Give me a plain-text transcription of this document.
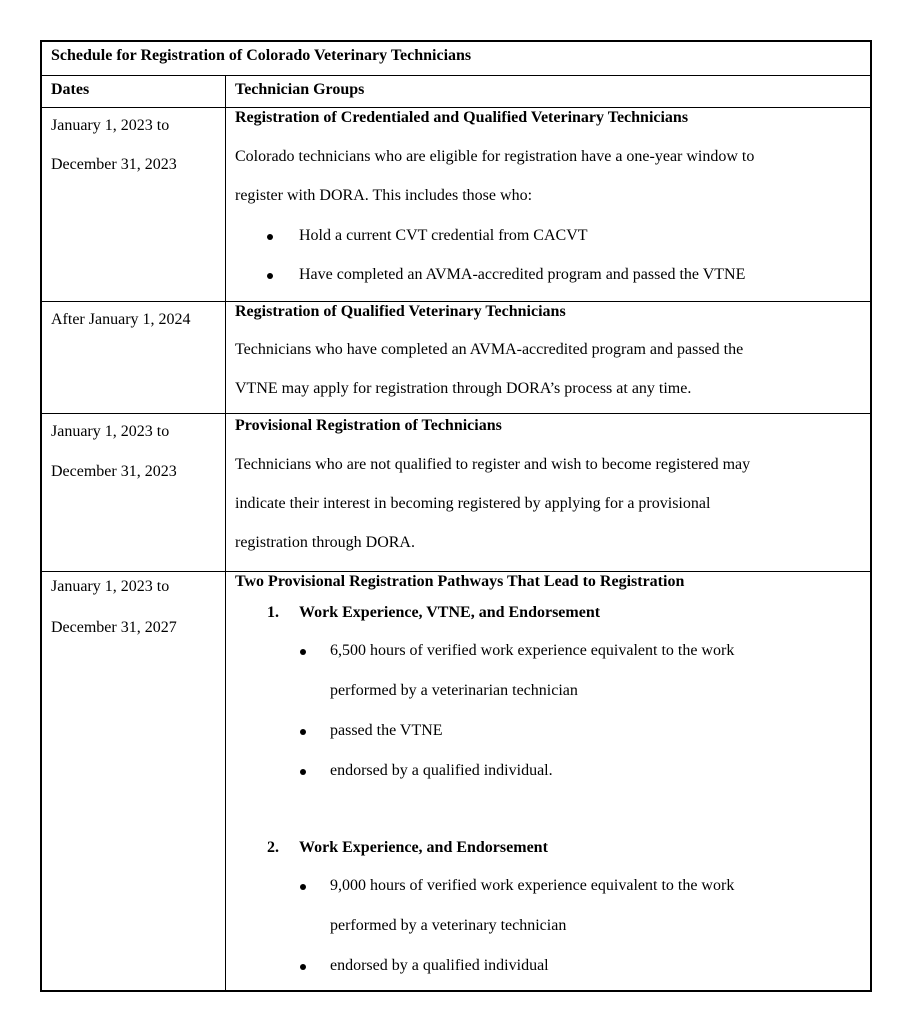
Schedule for Registration of Colorado Veterinary Technicians
Dates	Technician Groups
January 1, 2023 to
December 31, 2023
Registration of Credentialed and Qualified Veterinary Technicians
Colorado technicians who are eligible for registration have a one-year window to
register with DORA. This includes those who:
Hold a current CVT credential from CACVT
Have completed an AVMA-accredited program and passed the VTNE
After January 1, 2024	Registration of Qualified Veterinary Technicians
Technicians who have completed an AVMA-accredited program and passed the
VTNE may apply for registration through DORA’s process at any time.
January 1, 2023 to
December 31, 2023
Provisional Registration of Technicians
Technicians who are not qualified to register and wish to become registered may
indicate their interest in becoming registered by applying for a provisional
registration through DORA.
January 1, 2023 to
December 31, 2027
Two Provisional Registration Pathways That Lead to Registration
1. Work Experience, VTNE, and Endorsement
6,500 hours of verified work experience equivalent to the work
performed by a veterinarian technician
passed the VTNE
endorsed by a qualified individual.
2. Work Experience, and Endorsement
9,000 hours of verified work experience equivalent to the work
performed by a veterinary technician
endorsed by a qualified individual
